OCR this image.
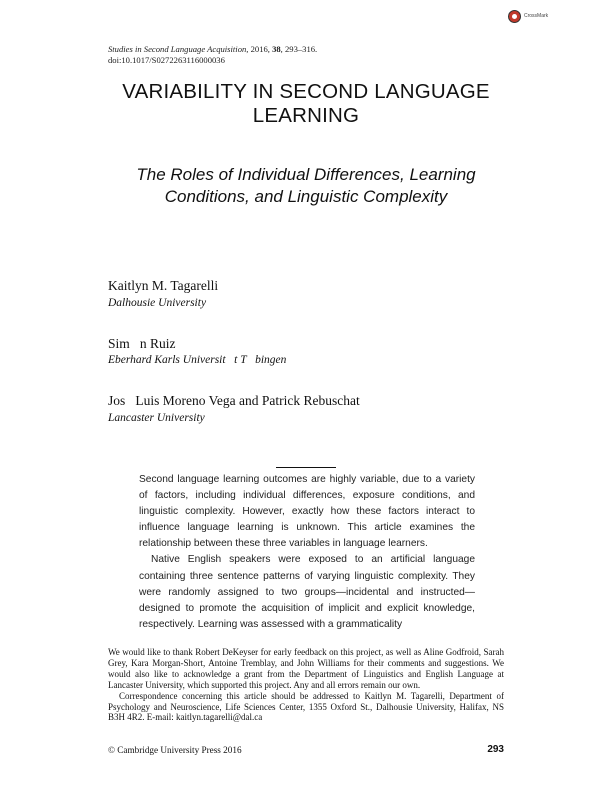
CrossMark
Studies in Second Language Acquisition, 2016, 38, 293–316.
doi:10.1017/S0272263116000036
VARIABILITY IN SECOND LANGUAGE
LEARNING
The Roles of Individual Differences, Learning
Conditions, and Linguistic Complexity
Kaitlyn M. Tagarelli
Dalhousie University
Sim   n Ruiz
Eberhard Karls Universit   t T   bingen
Jos   Luis Moreno Vega and Patrick Rebuschat
Lancaster University

Second language learning outcomes are highly variable, due to a variety of factors, including individual differences, exposure conditions, and linguistic complexity. However, exactly how these factors interact to influence language learning is unknown. This article examines the relationship between these three variables in language learners.

Native English speakers were exposed to an artificial language containing three sentence patterns of varying linguistic complexity. They were randomly assigned to two groups—incidental and instructed—designed to promote the acquisition of implicit and explicit knowledge, respectively. Learning was assessed with a grammaticality

We would like to thank Robert DeKeyser for early feedback on this project, as well as Aline Godfroid, Sarah Grey, Kara Morgan-Short, Antoine Tremblay, and John Williams for their comments and suggestions. We would also like to acknowledge a grant from the Department of Linguistics and English Language at Lancaster University, which supported this project. Any and all errors remain our own.

Correspondence concerning this article should be addressed to Kaitlyn M. Tagarelli, Department of Psychology and Neuroscience, Life Sciences Center, 1355 Oxford St., Dalhousie University, Halifax, NS B3H 4R2. E-mail: kaitlyn.tagarelli@dal.ca

© Cambridge University Press 2016	293
